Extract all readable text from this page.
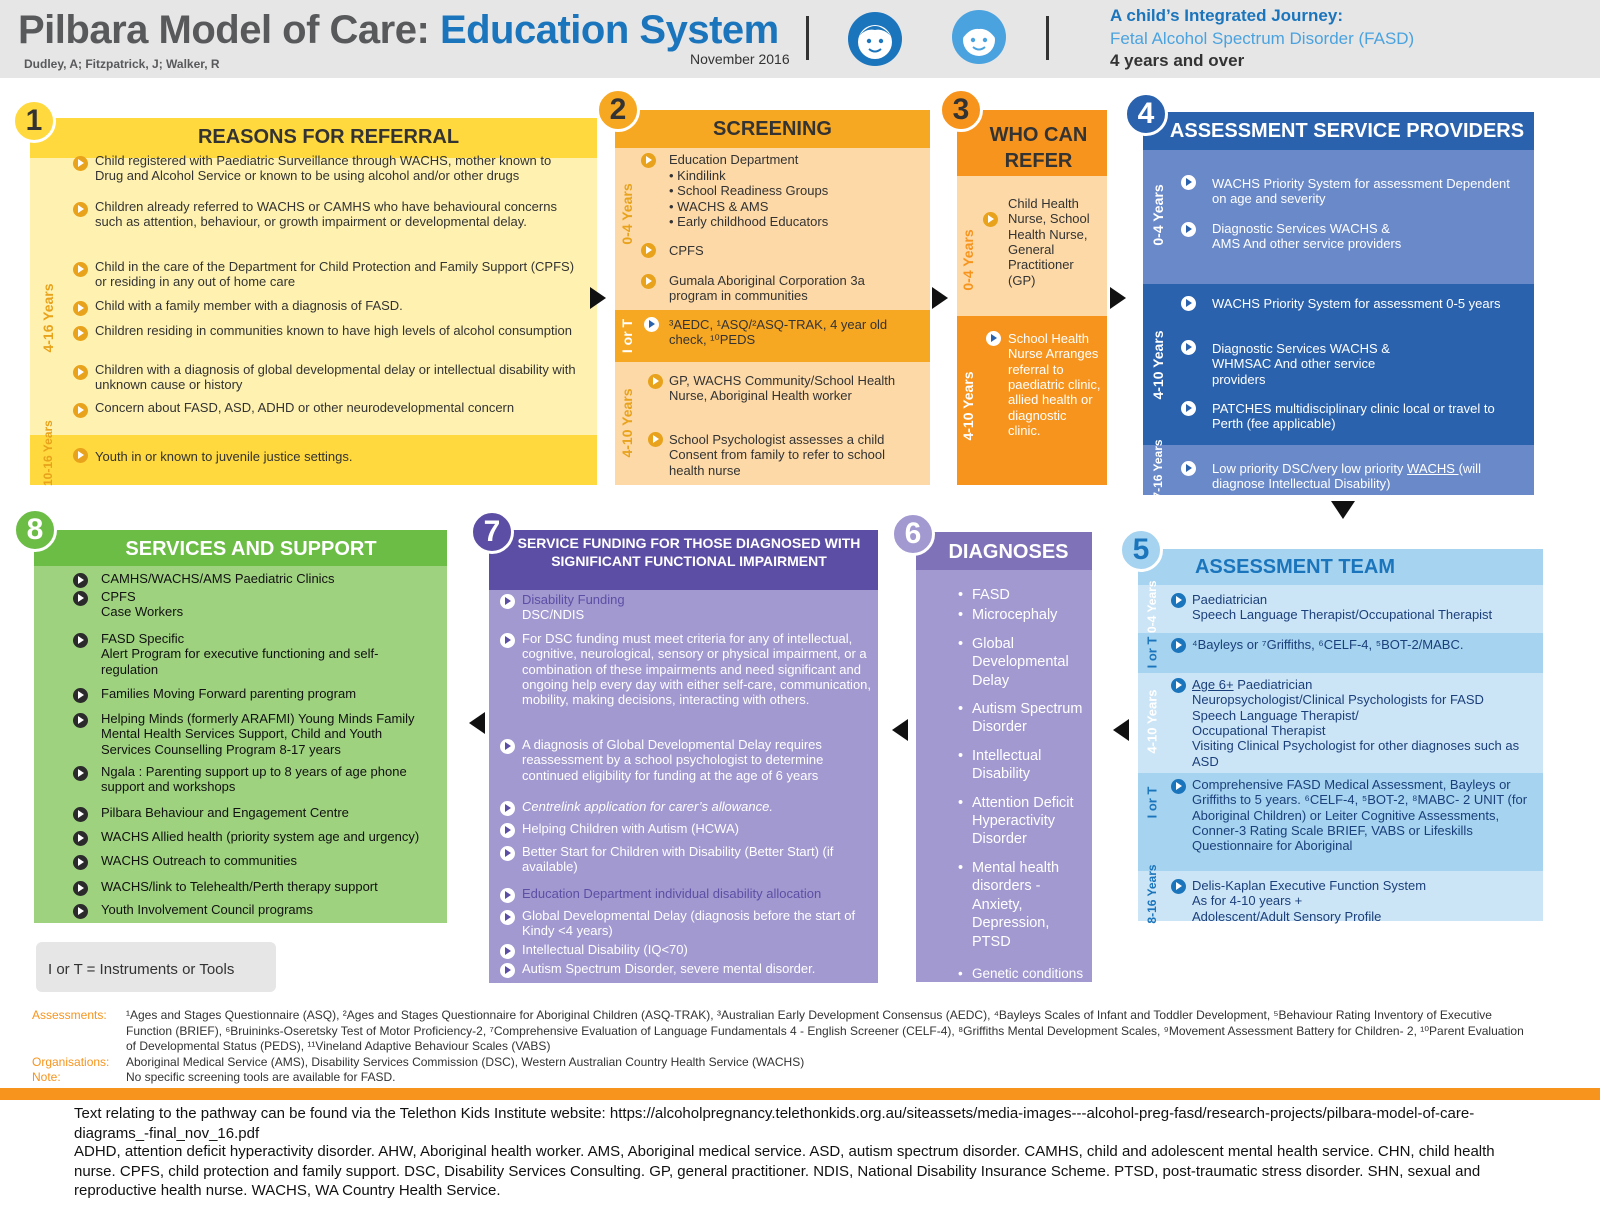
Pilbara Model of Care: Education System
Dudley, A; Fitzpatrick, J; Walker, R	November 2016
A child’s Integrated Journey:
Fetal Alcohol Spectrum Disorder (FASD)
4 years and over
REASONS FOR REFERRAL
1
4-16 Years
10-16 Years
SCREENING
2
0-4 Years
I or T
4-10 Years
Education Department
• Kindilink
• School Readiness Groups
• WACHS & AMS
• Early childhood Educators
CPFS
Gumala Aboriginal Corporation 3a program in communities
³AEDC, ¹ASQ/²ASQ-TRAK, 4 year old check, ¹⁰PEDS
GP, WACHS Community/School Health Nurse, Aboriginal Health worker
School Psychologist assesses a child Consent from family to refer to school health nurse
WHO CAN
REFER
3
0-4 Years
4-10 Years
Child Health Nurse, School Health Nurse, General Practitioner (GP)
School Health Nurse Arranges referral to paediatric clinic, allied health or diagnostic clinic.
ASSESSMENT SERVICE PROVIDERS
4
0-4 Years
4-10 Years
7-16 Years
WACHS Priority System for assessment Dependent on age and severity
Diagnostic Services WACHS & AMS And other service providers
WACHS Priority System for assessment 0-5 years
Diagnostic Services WACHS & WHMSAC And other service providers
PATCHES multidisciplinary clinic local or travel to Perth (fee applicable)
Low priority DSC/very low priority WACHS (will diagnose Intellectual Disability)
ASSESSMENT TEAM
5
0-4 Years
I or T
4-10 Years
I or T
8-16 Years
Paediatrician
Speech Language Therapist/Occupational Therapist
⁴Bayleys or ⁷Griffiths, ⁶CELF-4, ⁵BOT-2/MABC.
Age 6+ Paediatrician
Neuropsychologist/Clinical Psychologists for FASD
Speech Language Therapist/
Occupational Therapist
Visiting Clinical Psychologist for other diagnoses such as ASD
Comprehensive FASD Medical Assessment, Bayleys or Griffiths to 5 years. ⁶CELF-4, ⁵BOT-2, ⁸MABC- 2 UNIT (for Aboriginal Children) or Leiter Cognitive Assessments, Conner-3 Rating Scale BRIEF, VABS or Lifeskills Questionnaire for Aboriginal
Delis-Kaplan Executive Function System
As for 4-10 years +
Adolescent/Adult Sensory Profile
DIAGNOSES
6
FASD
•
Microcephaly
•
Global Developmental Delay
•
Autism Spectrum Disorder
•
Intellectual Disability
•
Attention Deficit Hyperactivity Disorder
•
Mental health disorders - Anxiety, Depression, PTSD
•
Genetic conditions
•
SERVICE FUNDING FOR THOSE DIAGNOSED WITH SIGNIFICANT FUNCTIONAL IMPAIRMENT
7
SERVICES AND SUPPORT
8
I or T = Instruments or Tools
Assessments: ¹Ages and Stages Questionnaire (ASQ), ²Ages and Stages Questionnaire for Aboriginal Children (ASQ-TRAK), ³Australian Early Development Consensus (AEDC), ⁴Bayleys Scales of Infant and Toddler Development, ⁵Behaviour Rating Inventory of Executive Function (BRIEF), ⁶Bruininks-Oseretsky Test of Motor Proficiency-2, ⁷Comprehensive Evaluation of Language Fundamentals 4 - English Screener (CELF-4), ⁸Griffiths Mental Development Scales, ⁹Movement Assessment Battery for Children- 2, ¹⁰Parent Evaluation of Developmental Status (PEDS), ¹¹Vineland Adaptive Behaviour Scales (VABS)
Organisations: Aboriginal Medical Service (AMS), Disability Services Commission (DSC), Western Australian Country Health Service (WACHS)
Note:	No specific screening tools are available for FASD.
Text relating to the pathway can be found via the Telethon Kids Institute website: https://alcoholpregnancy.telethonkids.org.au/siteassets/media-images---alcohol-preg-fasd/research-projects/pilbara-model-of-care-diagrams_-final_nov_16.pdf
ADHD, attention deficit hyperactivity disorder. AHW, Aboriginal health worker. AMS, Aboriginal medical service. ASD, autism spectrum disorder. CAMHS, child and adolescent mental health service. CHN, child health nurse. CPFS, child protection and family support. DSC, Disability Services Consulting. GP, general practitioner. NDIS, National Disability Insurance Scheme. PTSD, post-traumatic stress disorder. SHN, sexual and reproductive health nurse. WACHS, WA Country Health Service.
Child registered with Paediatric Surveillance through WACHS, mother known to Drug and Alcohol Service or known to be using alcohol and/or other drugs
Children already referred to WACHS or CAMHS who have behavioural concerns such as attention, behaviour, or growth impairment or developmental delay.
Child in the care of the Department for Child Protection and Family Support (CPFS) or residing in any out of home care
Child with a family member with a diagnosis of FASD.
Children residing in communities known to have high levels of alcohol consumption
Children with a diagnosis of global developmental delay or intellectual disability with unknown cause or history
Concern about FASD, ASD, ADHD or other neurodevelopmental concern
Youth in or known to juvenile justice settings.
Disability Funding
DSC/NDIS
For DSC funding must meet criteria for any of intellectual, cognitive, neurological, sensory or physical impairment, or a combination of these impairments and need significant and ongoing help every day with either self-care, communication, mobility, making decisions, interacting with others.
A diagnosis of Global Developmental Delay requires reassessment by a school psychologist to determine continued eligibility for funding at the age of 6 years
Centrelink application for carer’s allowance.
Helping Children with Autism (HCWA)
Better Start for Children with Disability (Better Start) (if available)
Education Department individual disability allocation
Global Developmental Delay (diagnosis before the start of Kindy <4 years)
Intellectual Disability (IQ<70)
Autism Spectrum Disorder, severe mental disorder.
CAMHS/WACHS/AMS Paediatric Clinics
CPFS
Case Workers
FASD Specific
Alert Program for executive functioning and self-regulation
Families Moving Forward parenting program
Helping Minds (formerly ARAFMI) Young Minds Family Mental Health Services Support, Child and Youth Services Counselling Program 8-17 years
Ngala : Parenting support up to 8 years of age phone support and workshops
Pilbara Behaviour and Engagement Centre
WACHS Allied health (priority system age and urgency)
WACHS Outreach to communities
WACHS/link to Telehealth/Perth therapy support
Youth Involvement Council programs
